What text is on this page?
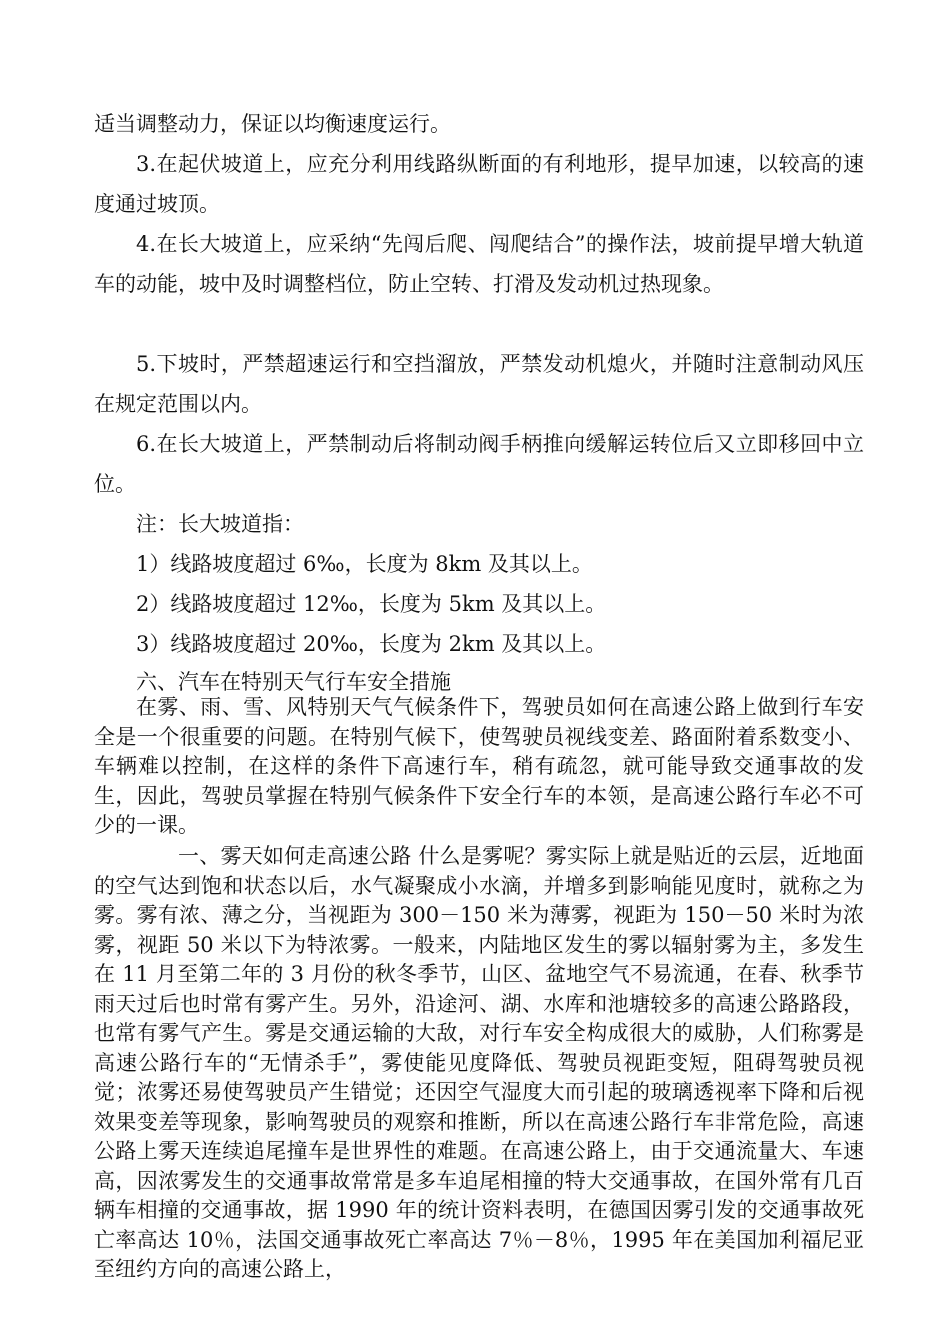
适当调整动力，保证以均衡速度运行。

3.在起伏坡道上，应充分利用线路纵断面的有利地形，提早加速，以较高的速度通过坡顶。

4.在长大坡道上，应采纳“先闯后爬、闯爬结合”的操作法，坡前提早增大轨道车的动能，坡中及时调整档位，防止空转、打滑及发动机过热现象。

5.下坡时，严禁超速运行和空挡溜放，严禁发动机熄火，并随时注意制动风压在规定范围以内。

6.在长大坡道上，严禁制动后将制动阀手柄推向缓解运转位后又立即移回中立位。

注：长大坡道指：

1）线路坡度超过 6‰，长度为 8km 及其以上。

2）线路坡度超过 12‰，长度为 5km 及其以上。

3）线路坡度超过 20‰，长度为 2km 及其以上。

六、汽车在特别天气行车安全措施

在雾、雨、雪、风特别天气气候条件下，驾驶员如何在高速公路上做到行车安全是一个很重要的问题。在特别气候下，使驾驶员视线变差、路面附着系数变小、车辆难以控制，在这样的条件下高速行车，稍有疏忽，就可能导致交通事故的发生，因此，驾驶员掌握在特别气候条件下安全行车的本领，是高速公路行车必不可少的一课。

一、雾天如何走高速公路 什么是雾呢？雾实际上就是贴近的云层，近地面的空气达到饱和状态以后，水气凝聚成小水滴，并增多到影响能见度时，就称之为雾。雾有浓、薄之分，当视距为 300－150 米为薄雾，视距为 150－50 米时为浓雾，视距 50 米以下为特浓雾。一般来，内陆地区发生的雾以辐射雾为主，多发生在 11 月至第二年的 3 月份的秋冬季节，山区、盆地空气不易流通，在春、秋季节雨天过后也时常有雾产生。另外，沿途河、湖、水库和池塘较多的高速公路路段，也常有雾气产生。雾是交通运输的大敌，对行车安全构成很大的威胁，人们称雾是高速公路行车的“无情杀手”，雾使能见度降低、驾驶员视距变短，阻碍驾驶员视觉；浓雾还易使驾驶员产生错觉；还因空气湿度大而引起的玻璃透视率下降和后视效果变差等现象，影响驾驶员的观察和推断，所以在高速公路行车非常危险，高速公路上雾天连续追尾撞车是世界性的难题。在高速公路上，由于交通流量大、车速高，因浓雾发生的交通事故常常是多车追尾相撞的特大交通事故，在国外常有几百辆车相撞的交通事故，据 1990 年的统计资料表明，在德国因雾引发的交通事故死亡率高达 10％，法国交通事故死亡率高达 7％－8％，1995 年在美国加利福尼亚至纽约方向的高速公路上，
